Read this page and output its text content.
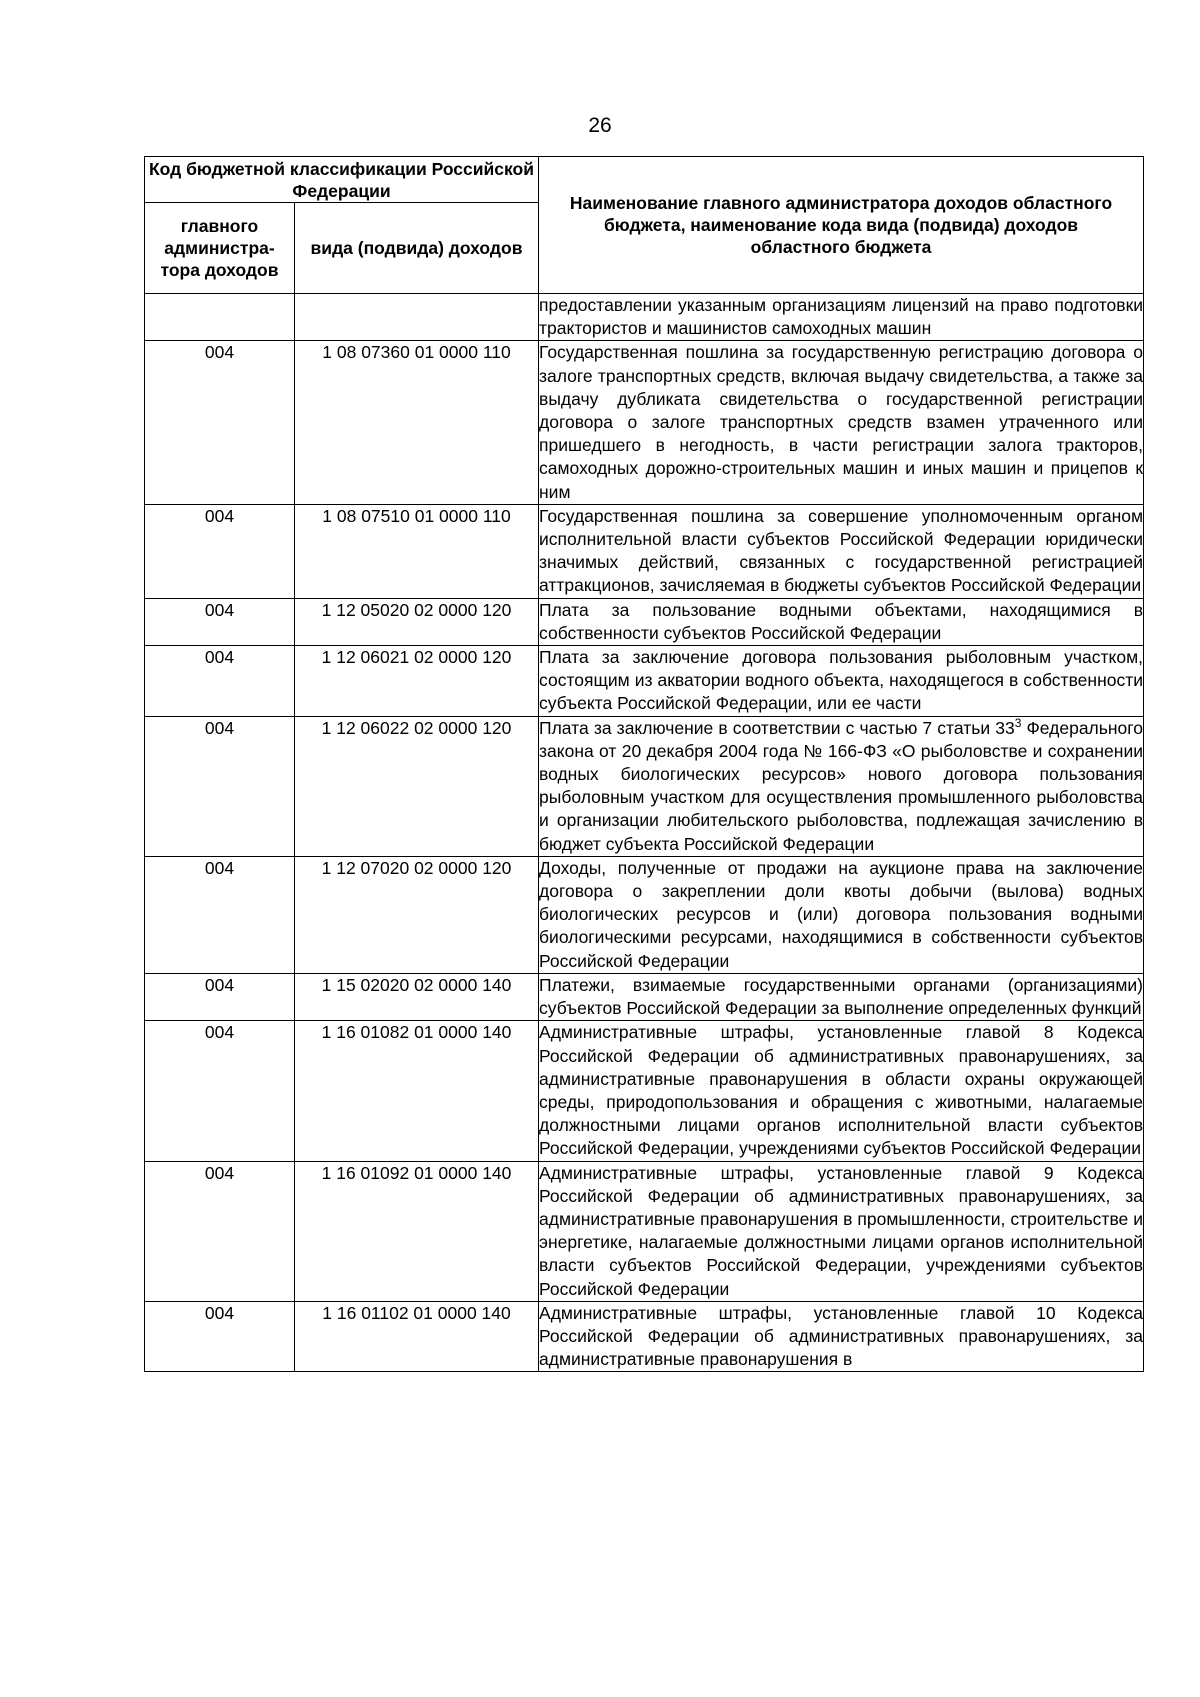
26
Код бюджетной классификации Российской Федерации		Наименование главного администратора доходов областного бюджета, наименование кода вида (подвида) доходов областного бюджета
главного администра-тора доходов	вида (подвида) доходов	
		предоставлении указанным организациям лицензий на право подготовки трактористов и машинистов самоходных машин
004	1 08 07360 01 0000 110	Государственная пошлина за государственную регистрацию договора о залоге транспортных средств, включая выдачу свидетельства, а также за выдачу дубликата свидетельства о государственной регистрации договора о залоге транспортных средств взамен утраченного или пришедшего в негодность, в части регистрации залога тракторов, самоходных дорожно-строительных машин и иных машин и прицепов к ним
004	1 08 07510 01 0000 110	Государственная пошлина за совершение уполномоченным органом исполнительной власти субъектов Российской Федерации юридически значимых действий, связанных с государственной регистрацией аттракционов, зачисляемая в бюджеты субъектов Российской Федерации
004	1 12 05020 02 0000 120	Плата за пользование водными объектами, находящимися в собственности субъектов Российской Федерации
004	1 12 06021 02 0000 120	Плата за заключение договора пользования рыболовным участком, состоящим из акватории водного объекта, находящегося в собственности субъекта Российской Федерации, или ее части
004	1 12 06022 02 0000 120	Плата за заключение в соответствии с частью 7 статьи $33^3$ Федерального закона от 20 декабря 2004 года № 166-ФЗ «О рыболовстве и сохранении водных биологических ресурсов» нового договора пользования рыболовным участком для осуществления промышленного рыболовства и организации любительского рыболовства, подлежащая зачислению в бюджет субъекта Российской Федерации
004	1 12 07020 02 0000 120	Доходы, полученные от продажи на аукционе права на заключение договора о закреплении доли квоты добычи (вылова) водных биологических ресурсов и (или) договора пользования водными биологическими ресурсами, находящимися в собственности субъектов Российской Федерации
004	1 15 02020 02 0000 140	Платежи, взимаемые государственными органами (организациями) субъектов Российской Федерации за выполнение определенных функций
004	1 16 01082 01 0000 140	Административные штрафы, установленные главой 8 Кодекса Российской Федерации об административных правонарушениях, за административные правонарушения в области охраны окружающей среды, природопользования и обращения с животными, налагаемые должностными лицами органов исполнительной власти субъектов Российской Федерации, учреждениями субъектов Российской Федерации
004	1 16 01092 01 0000 140	Административные штрафы, установленные главой 9 Кодекса Российской Федерации об административных правонарушениях, за административные правонарушения в промышленности, строительстве и энергетике, налагаемые должностными лицами органов исполнительной власти субъектов Российской Федерации, учреждениями субъектов Российской Федерации
004	1 16 01102 01 0000 140	Административные штрафы, установленные главой 10 Кодекса Российской Федерации об административных правонарушениях, за административные правонарушения в
